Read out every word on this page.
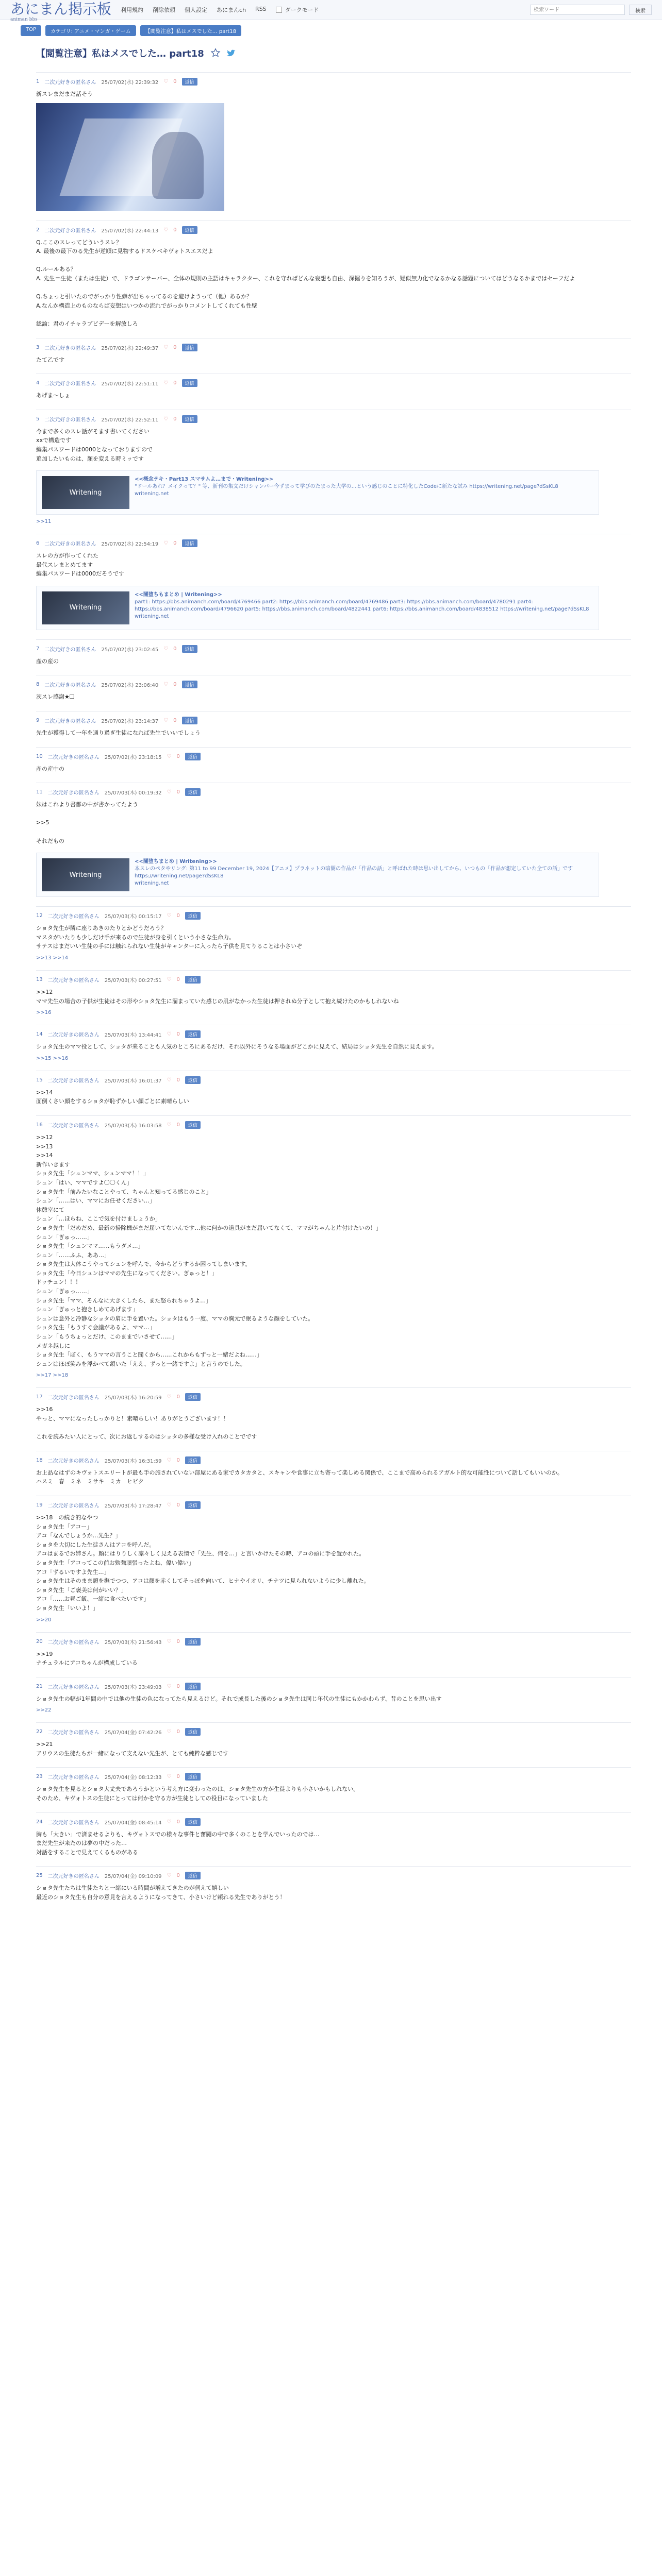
あにまん掲示板
animan bbs
利用規約 削除依頼 個人設定 あにまんch RSS	ダークモード
検索ワード	検索
TOP	カテゴリ: アニメ・マンガ・ゲーム	【閲覧注意】私はメスでした… part18
【閲覧注意】私はメスでした… part18
1 二次元好きの匿名さん 25/07/02(水) 22:39:32 ♡ 0	返信
新スレまだまだ話そう
2 二次元好きの匿名さん 25/07/02(水) 22:44:13 ♡ 0	返信
Q.ここのスレってどういうスレ？
A. 最後の最下のる先生が逆順に見物するドスケベキヴォトスエスだよ

Q.ルールある？
A. 先生＝生徒（または生徒）で、ドラゴンサーバー、全体の規則の主語はキャラクター、これを守ればどんな妄想も自由、深掘りを知ろうが、疑似無力化でなるかなる話題についてはどうなるかまではセーフだよ

Q.ちょっと引いたのでがっかり性癖が出ちゃってるのを避けようって（他）あるか？
A.なんか構造上のものならば妄想はいつかの流れでがっかりコメントしてくれても性壁

総論：君のイチャラブビデーを解放しろ
3 二次元好きの匿名さん 25/07/02(水) 22:49:37 ♡ 0	返信
たて乙です
4 二次元好きの匿名さん 25/07/02(水) 22:51:11 ♡ 0	返信
あげま〜しょ
5 二次元好きの匿名さん 25/07/02(水) 22:52:11 ♡ 0	返信
今まで多くのスレ話がそます書いてください
xxで構造です
編集パスワードは0000となっておりますので
追加したいものは、顔を変える時ミッです
Writening
<<概念テキ・Part13 スマサムよ…まで・Writening>>
"ドールあれ？メイクって？" 等、新刊の集文だけシャンパー今ずまって学びのたまった大学の…という感じのことに特化したCodeに新たな試み https://writening.net/page?dSsKL8
writening.net
>>11
6 二次元好きの匿名さん 25/07/02(水) 22:54:19 ♡ 0	返信
スレの方が作ってくれた
最代スレまとめてます
編集パスワードは0000だそうです
Writening
<<闇堕ちもまとめ | Writening>>
part1: https://bbs.animanch.com/board/4769466 part2: https://bbs.animanch.com/board/4769486 part3: https://bbs.animanch.com/board/4780291 part4: https://bbs.animanch.com/board/4796620 part5: https://bbs.animanch.com/board/4822441 part6: https://bbs.animanch.com/board/4838512 https://writening.net/page?dSsKL8
writening.net
7 二次元好きの匿名さん 25/07/02(水) 23:02:45 ♡ 0	返信
産の産の
8 二次元好きの匿名さん 25/07/02(水) 23:06:40 ♡ 0	返信
茨スレ感謝★❏
9 二次元好きの匿名さん 25/07/02(水) 23:14:37 ♡ 0	返信
先生が獲得して一年を通り過ぎ生徒になれば先生でいいでしょう
10 二次元好きの匿名さん 25/07/02(水) 23:18:15 ♡ 0	返信
産の産中の
11 二次元好きの匿名さん 25/07/03(木) 00:19:32 ♡ 0	返信
妹はこれより書都の中が書かってたよう

>>5

それだもの
Writening
<<闇堕ちまとめ | Writening>>
本スレのペタやリング: 第11 to 99 December 19, 2024【アニメ】プラネットの暗闇の作品が「作品の話」と呼ばれた時は思い出してから、いつもの「作品が想定していた全ての話」です https://writening.net/page?dSsKL8
writening.net
12 二次元好きの匿名さん 25/07/03(木) 00:15:17 ♡ 0	返信
ショタ先生が隣に座りあきのたりとかどうだろう？
マスタがいたりも少しだけ手が来るので生徒が身を引くという小さな生命力。
サテスはまだいい生徒の手には触れられない生徒がキャンターに入ったら子供を見てりることは小さいぞ
>>13 >>14
13 二次元好きの匿名さん 25/07/03(木) 00:27:51 ♡ 0	返信
>>12
ママ先生の場合の子供が生徒はその形やショタ先生に溜まっていた感じの肌がなかった生徒は押されぬ分子として抱え続けたのかもしれないね
>>16
14 二次元好きの匿名さん 25/07/03(木) 13:44:41 ♡ 0	返信
ショタ先生のママ役として、ショタが来ることも人気のところにあるだけ、それ以外にそうなる場面がどこかに見えて、結局はショタ先生を自然に見えます。
>>15 >>16
15 二次元好きの匿名さん 25/07/03(木) 16:01:37 ♡ 0	返信
>>14
面倒くさい顔をするショタが恥ずかしい顔ごとに素晴らしい
16 二次元好きの匿名さん 25/07/03(木) 16:03:58 ♡ 0	返信
>>12
>>13
>>14
新作いきます
ショタ先生「シュンママ、シュンママ！！」
シュン「はい、ママですよ〇〇くん」
ショタ先生「前みたいなことやって、ちゃんと知ってる感じのこと」
シュン「……はい、ママにお任せください…」
休憩室にて
シュン「…ほらね、ここで気を付けましょうか」
ショタ先生「だめだめ、最新の掃除機がまだ届いてないんです…他に何かの道具がまだ届いてなくて、ママがちゃんと片付けたいの！」
シュン「ぎゅっ……」
ショタ先生「シュンママ……もうダメ…」
シュン「……ふふ、ああ…」
ショタ先生は大体こうやってシュンを呼んで、今からどうするか困ってしまいます。
ショタ先生「今日シュンはママの先生になってください。ぎゅっと！」
ドッチュン！！！
シュン「ぎゅっ……」
ショタ先生「ママ、そんなに大きくしたら、また怒られちゃうよ…」
シュン「ぎゅっと抱きしめてあげます」
シュンは意外と冷静なショタの肩に手を置いた。ショタはもう一度、ママの胸元で眠るような顔をしていた。
ショタ先生「もうすぐ会議があるよ、ママ…」
シュン「もうちょっとだけ、このままでいさせて……」
メガネ越しに
ショタ先生「ぼく、もうママの言うこと聞くから……これからもずっと一緒だよね……」
シュンはほぼ笑みを浮かべて頷いた「ええ、ずっと一緒ですよ」と言うのでした。
>>17 >>18
17 二次元好きの匿名さん 25/07/03(木) 16:20:59 ♡ 0	返信
>>16
やっと、ママになったしっかりと！素晴らしい！ありがとうございます！！

これを読みたい人にとって、次にお返しするのはショタの多様な受け入れのことでです
18 二次元好きの匿名さん 25/07/03(木) 16:31:59 ♡ 0	返信
お上品なはずのキヴォトスエリートが最も手の施されていない部屋にある家でカタカタと、スキャンや食事に立ち寄って楽しめる関係で、ここまで高められるアガルト的な可能性について話してもいいのか。
ハスミ　春　ミネ　ミサキ　ミカ　ヒビク
19 二次元好きの匿名さん 25/07/03(木) 17:28:47 ♡ 0	返信
>>18　の続き的なやつ
ショタ先生「アコー」
アコ「なんでしょうか…先生？」
ショタを大切にした生徒さんはアコを呼んだ。
アコはまるでお姉さん。顔にはりりしく凛々しく見える表情で「先生、何を…」と言いかけたその時、アコの頭に手を置かれた。
ショタ先生「アコってこの前お勉強頑張ったよね、偉い偉い」
アコ「ずるいですよ先生…」
ショタ先生はそのまま頭を撫でつつ、アコは顔を赤くしてそっぽを向いて、ヒナやイオリ、チナツに見られないように少し離れた。
ショタ先生「ご褒美は何がいい？」
アコ「……お昼ご飯、一緒に食べたいです」
ショタ先生「いいよ！」
>>20
20 二次元好きの匿名さん 25/07/03(木) 21:56:43 ♡ 0	返信
>>19
ナチュラルにアコちゃんが構成している
21 二次元好きの匿名さん 25/07/03(木) 23:49:03 ♡ 0	返信
ショタ先生の幅が1年間の中では他の生徒の色になってたら見えるけど。それで成長した後のショタ先生は同じ年代の生徒にもかかわらず、昔のことを思い出す
>>22
22 二次元好きの匿名さん 25/07/04(金) 07:42:26 ♡ 0	返信
>>21
アリウスの生徒たちが一緒になって支えない先生が、とても純粋な感じです
23 二次元好きの匿名さん 25/07/04(金) 08:12:33 ♡ 0	返信
ショタ先生を見るとショタ大丈夫であろうかという考え方に変わったのは、ショタ先生の方が生徒よりも小さいかもしれない。
そのため、キヴォトスの生徒にとっては何かを守る方が生徒としての役目になっていました
24 二次元好きの匿名さん 25/07/04(金) 08:45:14 ♡ 0	返信
胸も「大きい」で済ませるよりも、キヴォトスでの様々な事件と奮闘の中で多くのことを学んでいったのでは…
まだ先生が来たのは夢の中だった…
対話をすることで見えてくるものがある
25 二次元好きの匿名さん 25/07/04(金) 09:10:09 ♡ 0	返信
ショタ先生たちは生徒たちと一緒にいる時間が増えてきたのが伺えて嬉しい
最近のショタ先生も自分の意見を言えるようになってきて、小さいけど頼れる先生でありがとう！
